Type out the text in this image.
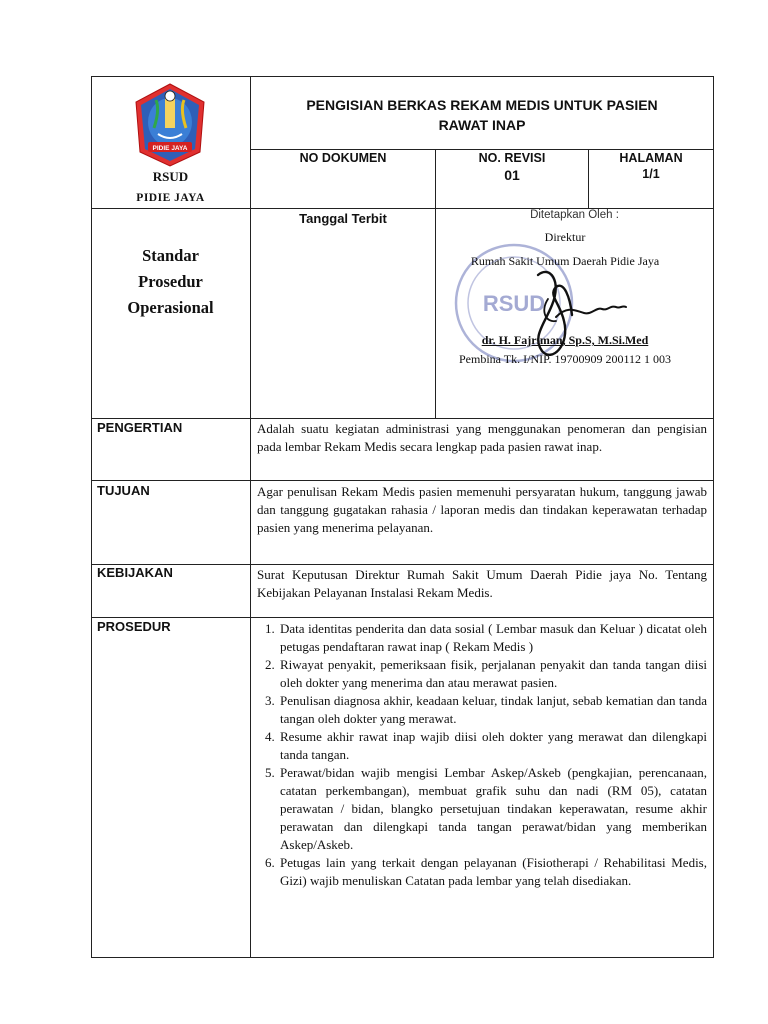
PIDIE JAYA
RSUD
PIDIE JAYA
PENGISIAN BERKAS REKAM MEDIS UNTUK PASIEN RAWAT INAP
NO DOKUMEN	NO. REVISI
01
HALAMAN
1/1
Standar
Prosedur
Operasional
Tanggal Terbit	Ditetapkan Oleh :
RSUD
Direktur
Rumah Sakit Umum Daerah Pidie Jaya
dr. H. Fajriman, Sp.S, M.Si.Med
Pembina Tk. I/NIP. 19700909 200112 1 003
PENGERTIAN	Adalah suatu kegiatan administrasi yang menggunakan penomeran dan pengisian pada lembar Rekam Medis secara lengkap pada pasien rawat inap.
TUJUAN	Agar penulisan Rekam Medis pasien memenuhi persyaratan hukum, tanggung jawab dan tanggung gugatakan rahasia / laporan medis dan tindakan keperawatan terhadap pasien yang menerima pelayanan.
KEBIJAKAN	Surat Keputusan Direktur Rumah Sakit Umum Daerah Pidie jaya No. Tentang Kebijakan Pelayanan Instalasi Rekam Medis.
PROSEDUR
1.	Data identitas penderita dan data sosial ( Lembar masuk dan Keluar ) dicatat oleh petugas pendaftaran rawat inap ( Rekam Medis )
2. Riwayat penyakit, pemeriksaan fisik, perjalanan penyakit dan tanda tangan diisi oleh dokter yang menerima dan atau merawat pasien.
3. Penulisan diagnosa akhir, keadaan keluar, tindak lanjut, sebab kematian dan tanda tangan oleh dokter yang merawat.
4. Resume akhir rawat inap wajib diisi oleh dokter yang merawat dan dilengkapi tanda tangan.
5. Perawat/bidan wajib mengisi Lembar Askep/Askeb (pengkajian, perencanaan, catatan perkembangan), membuat grafik suhu dan nadi (RM 05), catatan perawatan / bidan, blangko persetujuan tindakan keperawatan, resume akhir perawatan dan dilengkapi tanda tangan perawat/bidan yang memberikan Askep/Askeb.
6. Petugas lain yang terkait dengan pelayanan (Fisiotherapi / Rehabilitasi Medis, Gizi) wajib menuliskan Catatan pada lembar yang telah disediakan.
